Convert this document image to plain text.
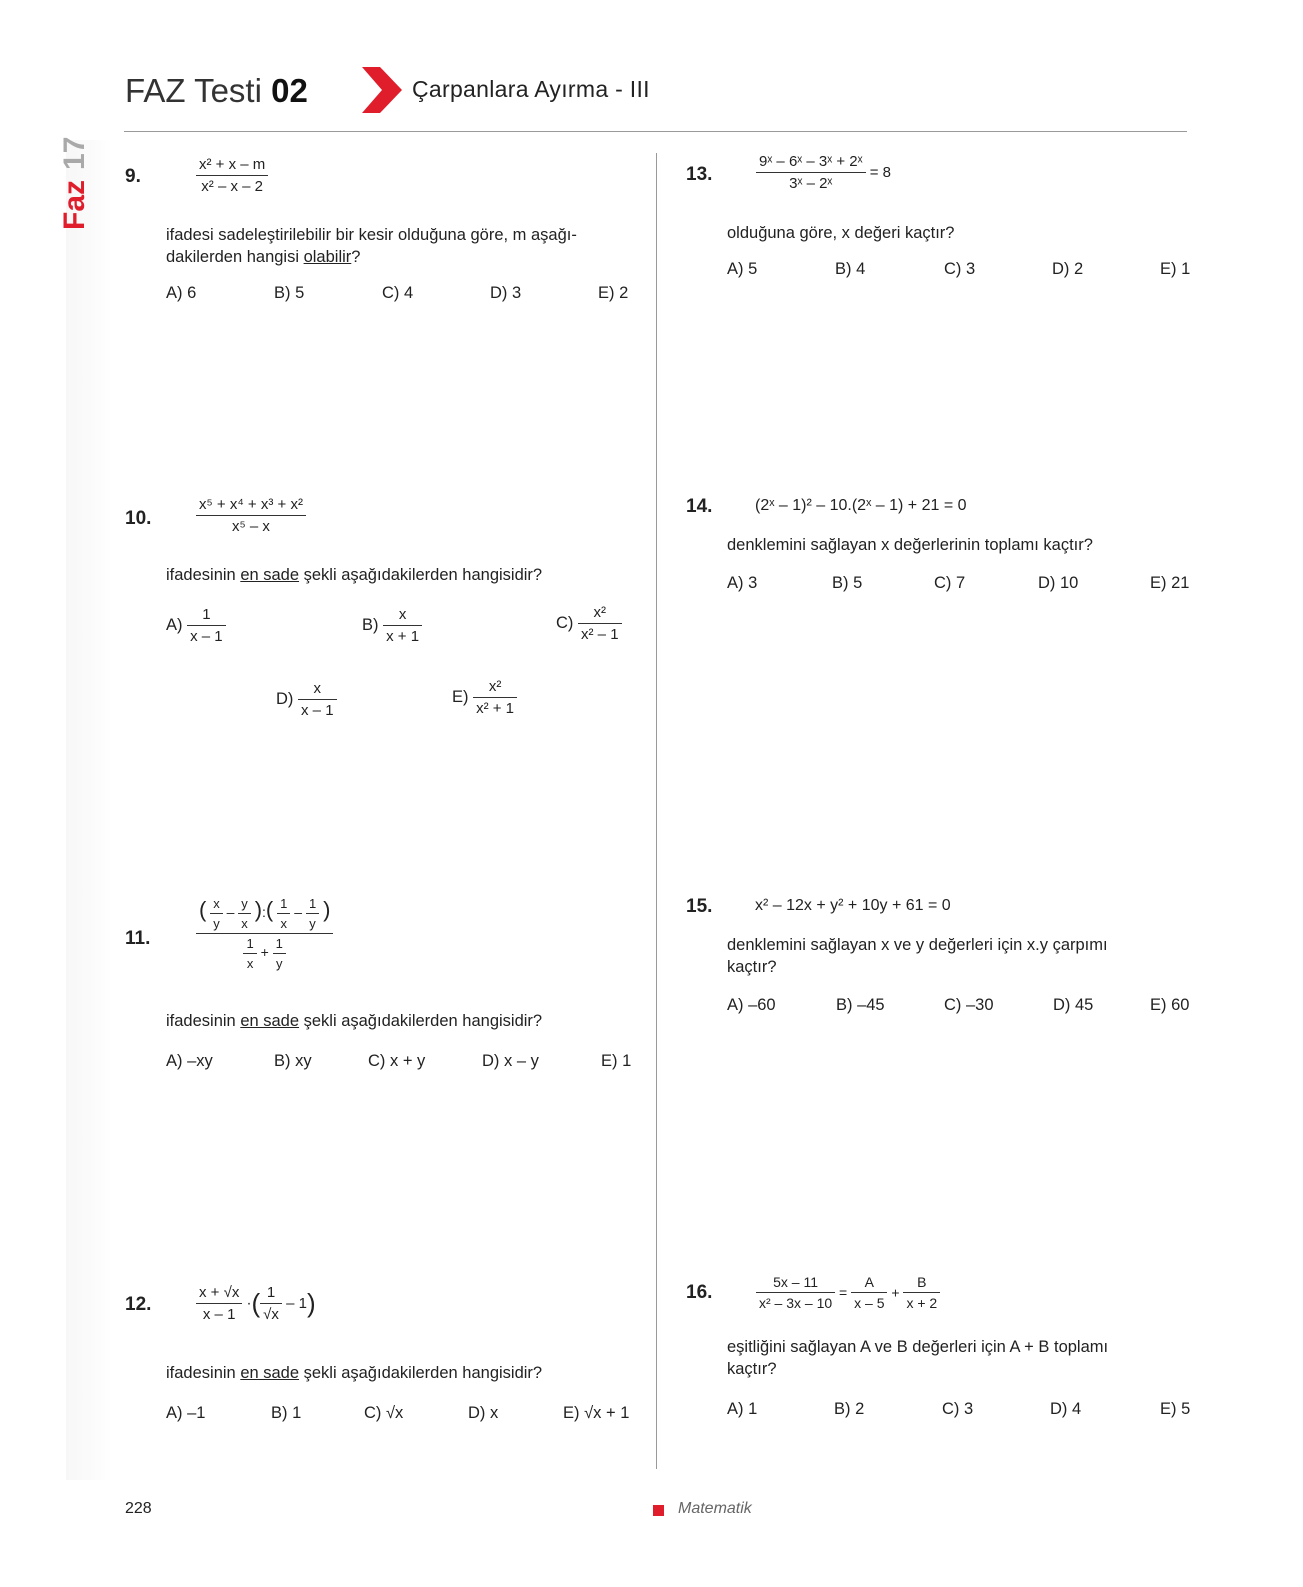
FAZ Testi 02	Çarpanlara Ayırma - III
Faz17
9.	$\frac{\text{x² + x – m}}{\text{x² – x – 2}}$
ifadesi sadeleştirilebilir bir kesir olduğuna göre, m aşağı-
dakilerden hangisi olabilir?
A) 6	B) 5	C) 4	D) 3	E) 2
10.	$\frac{\text{x⁵ + x⁴ + x³ + x²}}{\text{x⁵ – x}}$
ifadesinin en sade şekli aşağıdakilerden hangisidir?
$A) \frac{1}{x - 1}$	$B) \frac{x}{x + 1}$	$C) \frac{\text{x²}}{\text{x² – 1}}$
$D) \frac{x}{x - 1}$	$E) \frac{\text{x²}}{\text{x² + 1}}$
11. $\frac{( \frac{x}{y} - \frac{y}{x} ):( \frac{1}{x} - \frac{1}{y} )}{\frac{1}{x} + \frac{1}{y}}$
ifadesinin en sade şekli aşağıdakilerden hangisidir?
A) –xy	B) xy	C) x + y	D) x – y	E) 1
12.	$\frac{x + √x}{x - 1}$ ·( $\frac{1}{√x} - 1$)
ifadesinin en sade şekli aşağıdakilerden hangisidir?
A) –1	B) 1	C) √x	D) x	E) √x + 1
13.	$\frac{\text{9ˣ – 6ˣ – 3ˣ + 2ˣ}}{\text{3ˣ – 2ˣ}} = 8$
olduğuna göre, x değeri kaçtır?
A) 5	B) 4	C) 3	D) 2	E) 1
14.	(2ˣ – 1)² – 10.(2ˣ – 1) + 21 = 0
denklemini sağlayan x değerlerinin toplamı kaçtır?
A) 3	B) 5	C) 7	D) 10	E) 21
15.	x² – 12x + y² + 10y + 61 = 0
denklemini sağlayan x ve y değerleri için x.y çarpımı
kaçtır?
A) –60	B) –45	C) –30	D) 45	E) 60
16.	$\frac{5x - 11}{\text{x² – 3x – 10}} = \frac{A}{x - 5} + \frac{B}{x + 2}$
eşitliğini sağlayan A ve B değerleri için A + B toplamı
kaçtır?
A) 1	B) 2	C) 3	D) 4	E) 5
228	Matematik
